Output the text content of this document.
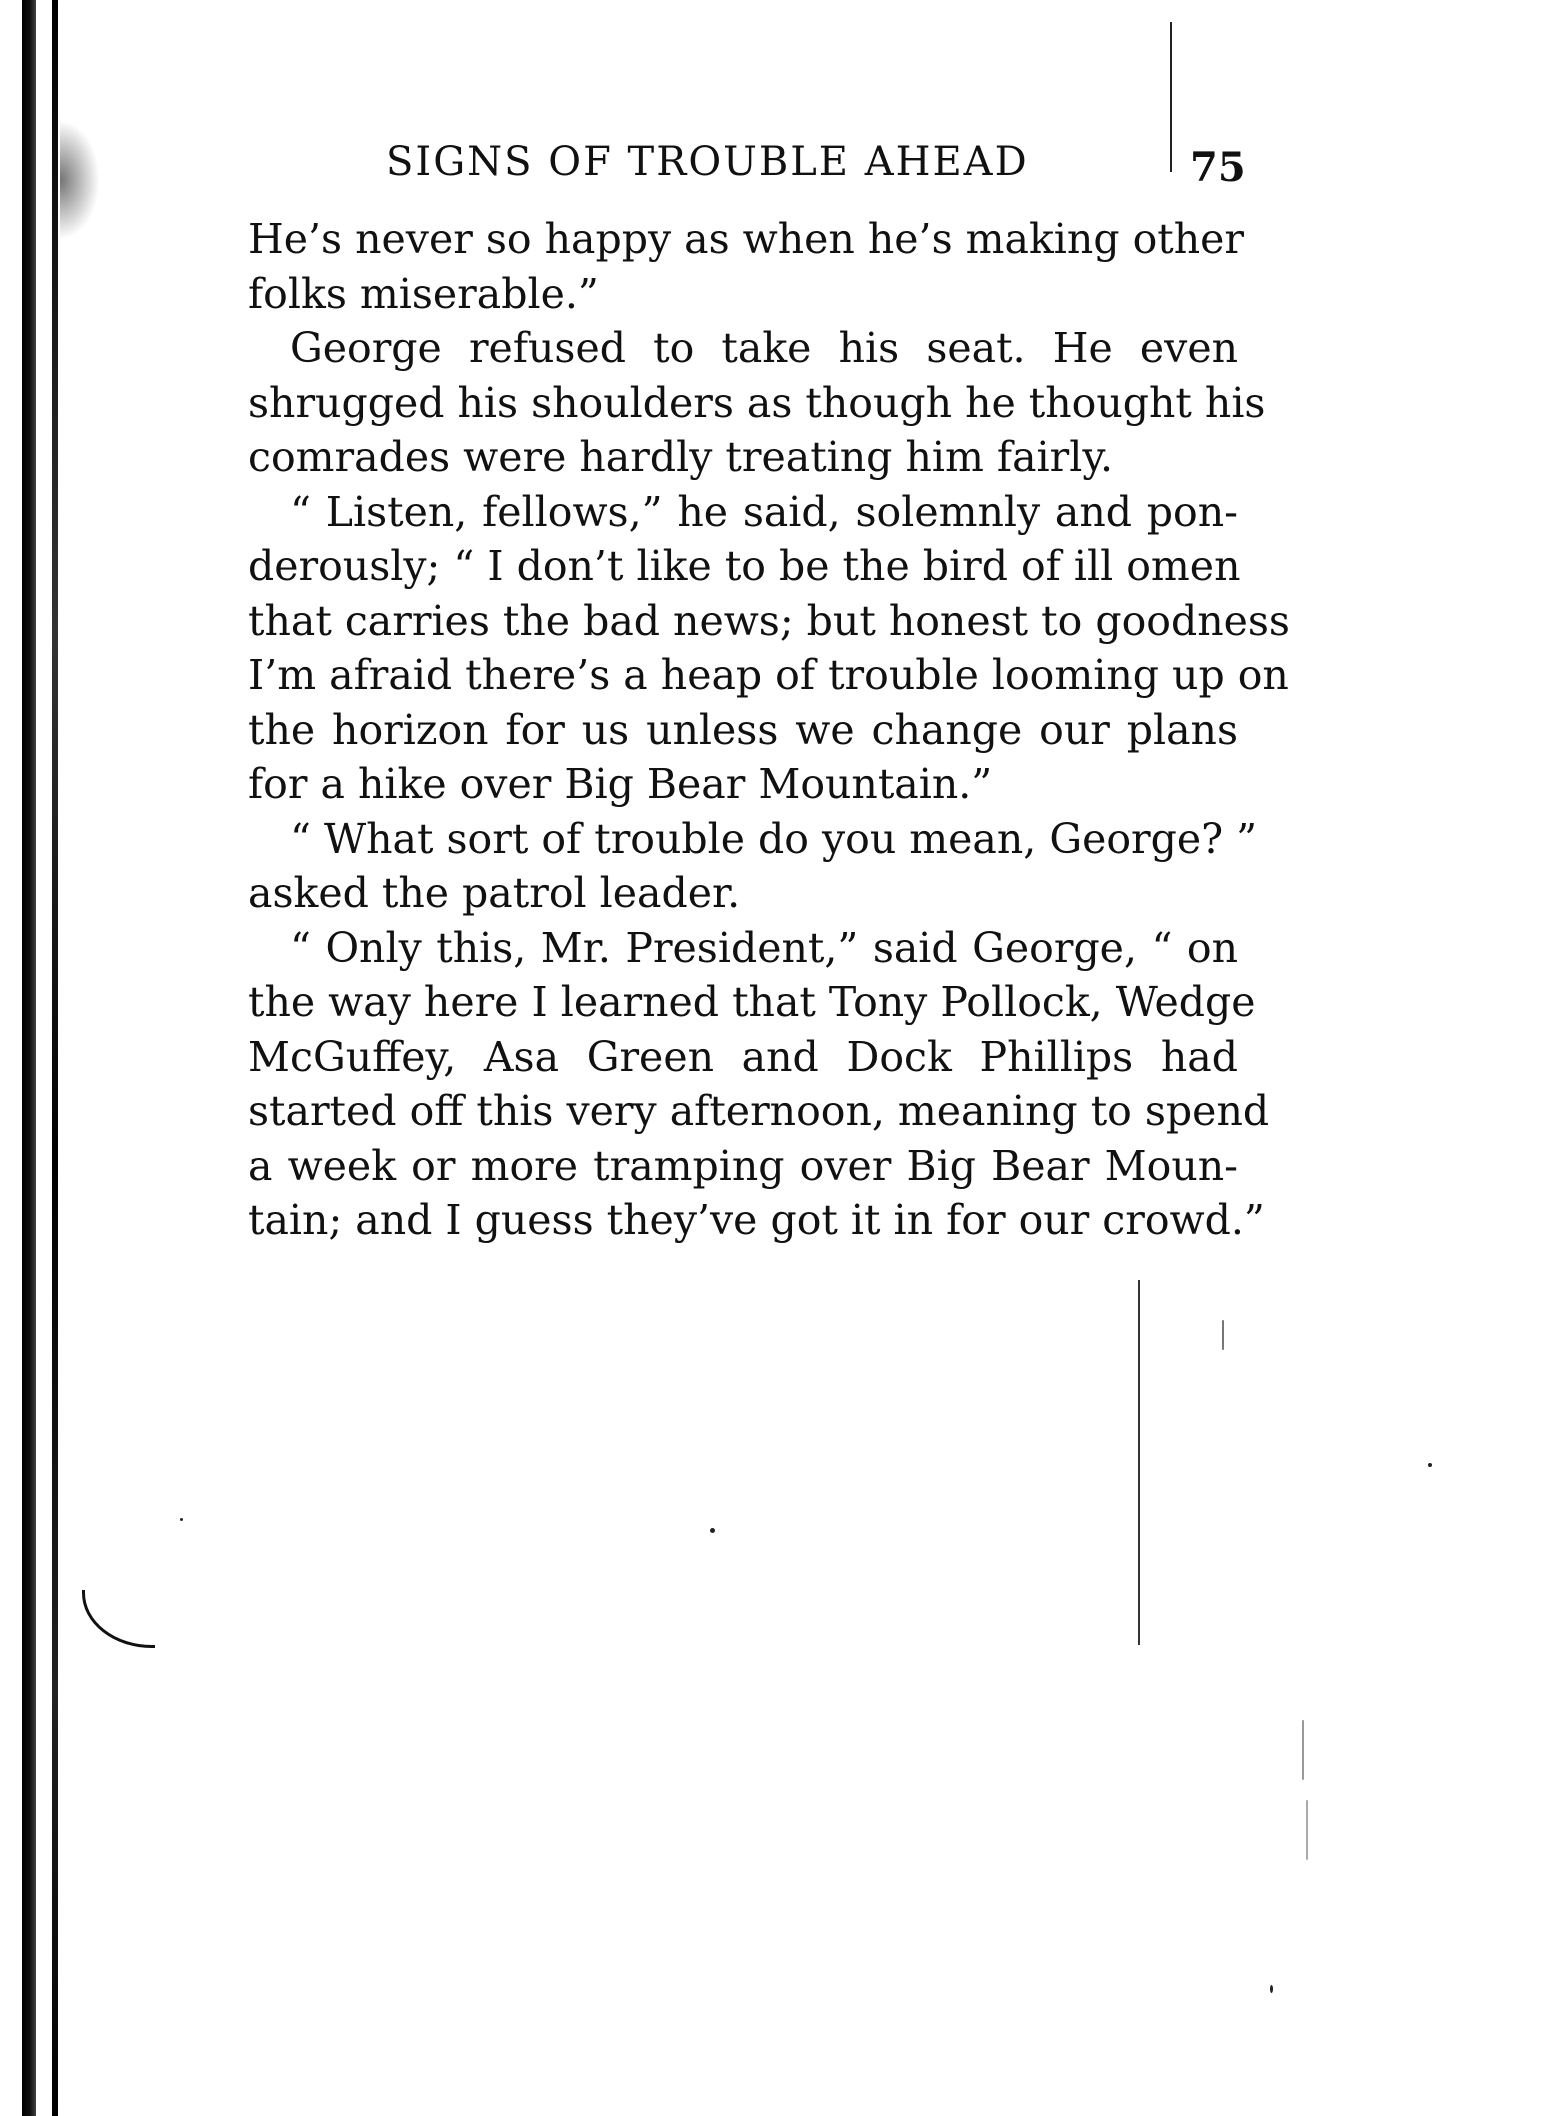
SIGNS OF TROUBLE AHEAD	75
He’s never so happy as when he’s making other
folks miserable.”
George refused to take his seat. He even
shrugged his shoulders as though he thought his
comrades were hardly treating him fairly.
“ Listen, fellows,” he said, solemnly and pon-
derously; “ I don’t like to be the bird of ill omen
that carries the bad news; but honest to goodness
I’m afraid there’s a heap of trouble looming up on
the horizon for us unless we change our plans
for a hike over Big Bear Mountain.”
“ What sort of trouble do you mean, George? ”
asked the patrol leader.
“ Only this, Mr. President,” said George, “ on
the way here I learned that Tony Pollock, Wedge
McGuffey, Asa Green and Dock Phillips had
started off this very afternoon, meaning to spend
a week or more tramping over Big Bear Moun-
tain; and I guess they’ve got it in for our crowd.”
